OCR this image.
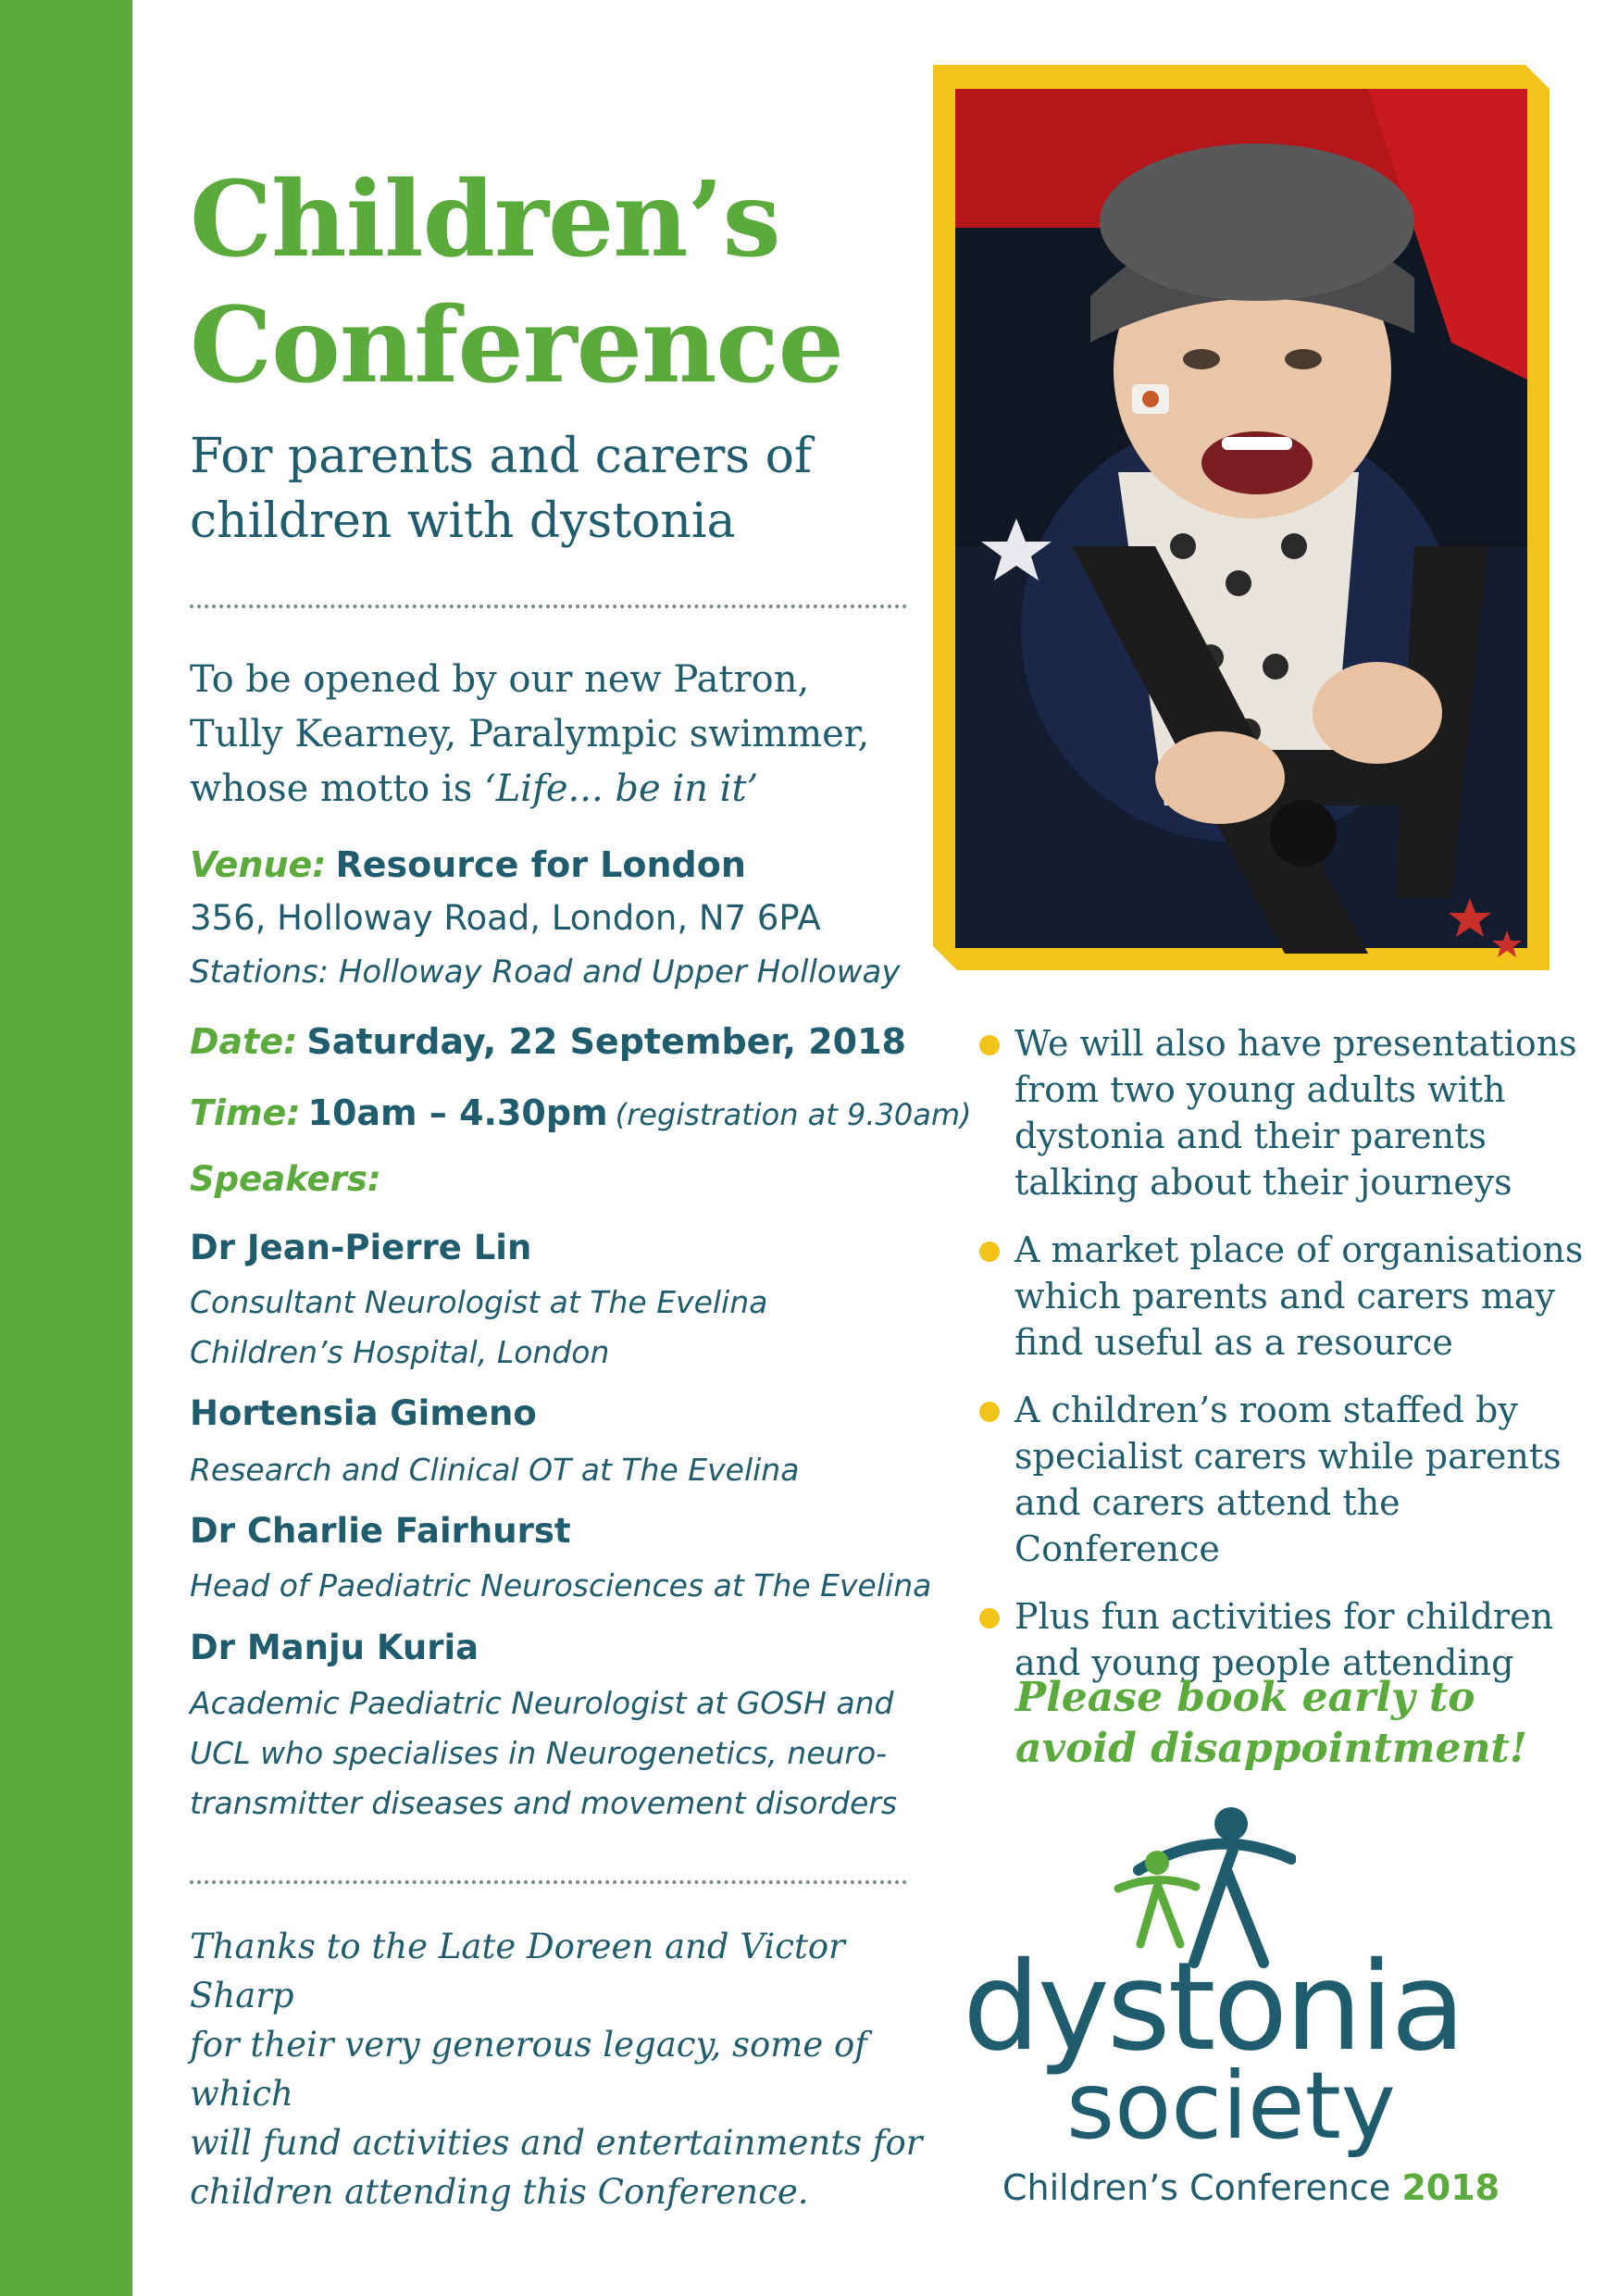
Children’s
Conference
For parents and carers of
children with dystonia
To be opened by our new Patron,
Tully Kearney, Paralympic swimmer,
whose motto is ‘Life... be in it’
Venue: Resource for London
356, Holloway Road, London, N7 6PA
Stations: Holloway Road and Upper Holloway
Date: Saturday, 22 September, 2018
Time: 10am – 4.30pm (registration at 9.30am)
Speakers:
Dr Jean-Pierre Lin
Consultant Neurologist at The Evelina
Children’s Hospital, London
Hortensia Gimeno
Research and Clinical OT at The Evelina
Dr Charlie Fairhurst
Head of Paediatric Neurosciences at The Evelina
Dr Manju Kuria
Academic Paediatric Neurologist at GOSH and
UCL who specialises in Neurogenetics, neuro-
transmitter diseases and movement disorders
Thanks to the Late Doreen and Victor Sharp
for their very generous legacy, some of which
will fund activities and entertainments for
children attending this Conference.
We will also have presentations
from two young adults with
dystonia and their parents
talking about their journeys
A market place of organisations
which parents and carers may
find useful as a resource
A children’s room staffed by
specialist carers while parents
and carers attend the Conference
Plus fun activities for children
and young people attending
Please book early to
avoid disappointment!
dystonia
society
Children’s Conference 2018
